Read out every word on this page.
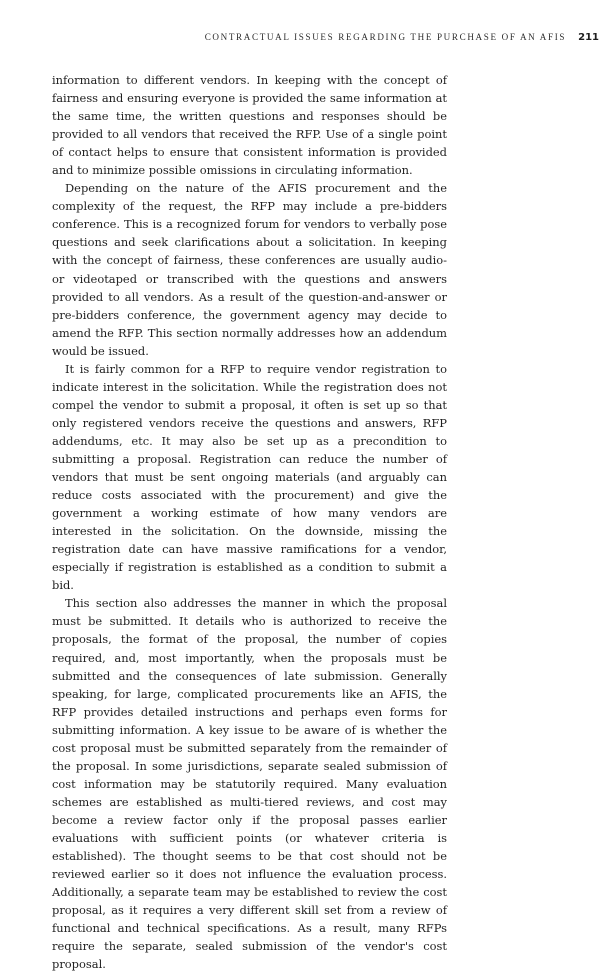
CONTRACTUAL ISSUES REGARDING THE PURCHASE OF AN AFIS 211

information to different vendors. In keeping with the concept of fairness and ensuring everyone is provided the same information at the same time, the written questions and responses should be provided to all vendors that received the RFP. Use of a single point of contact helps to ensure that consistent information is provided and to minimize possible omissions in circulating information.

Depending on the nature of the AFIS procurement and the complexity of the request, the RFP may include a pre-bidders conference. This is a recognized forum for vendors to verbally pose questions and seek clarifications about a solicitation. In keeping with the concept of fairness, these conferences are usually audio- or videotaped or transcribed with the questions and answers provided to all vendors. As a result of the question-and-answer or pre-bidders conference, the government agency may decide to amend the RFP. This section normally addresses how an addendum would be issued.

It is fairly common for a RFP to require vendor registration to indicate interest in the solicitation. While the registration does not compel the vendor to submit a proposal, it often is set up so that only registered vendors receive the questions and answers, RFP addendums, etc. It may also be set up as a precondition to submitting a proposal. Registration can reduce the number of vendors that must be sent ongoing materials (and arguably can reduce costs associated with the procurement) and give the government a working estimate of how many vendors are interested in the solicitation. On the downside, missing the registration date can have massive ramifications for a vendor, especially if registration is established as a condition to submit a bid.

This section also addresses the manner in which the proposal must be submitted. It details who is authorized to receive the proposals, the format of the proposal, the number of copies required, and, most importantly, when the proposals must be submitted and the consequences of late submission. Generally speaking, for large, complicated procurements like an AFIS, the RFP provides detailed instructions and perhaps even forms for submitting information. A key issue to be aware of is whether the cost proposal must be submitted separately from the remainder of the proposal. In some jurisdictions, separate sealed submission of cost information may be statutorily required. Many evaluation schemes are established as multi-tiered reviews, and cost may become a review factor only if the proposal passes earlier evaluations with sufficient points (or whatever criteria is established). The thought seems to be that cost should not be reviewed earlier so it does not influence the evaluation process. Additionally, a separate team may be established to review the cost proposal, as it requires a very different skill set from a review of functional and technical specifications. As a result, many RFPs require the separate, sealed submission of the vendor's cost proposal.
